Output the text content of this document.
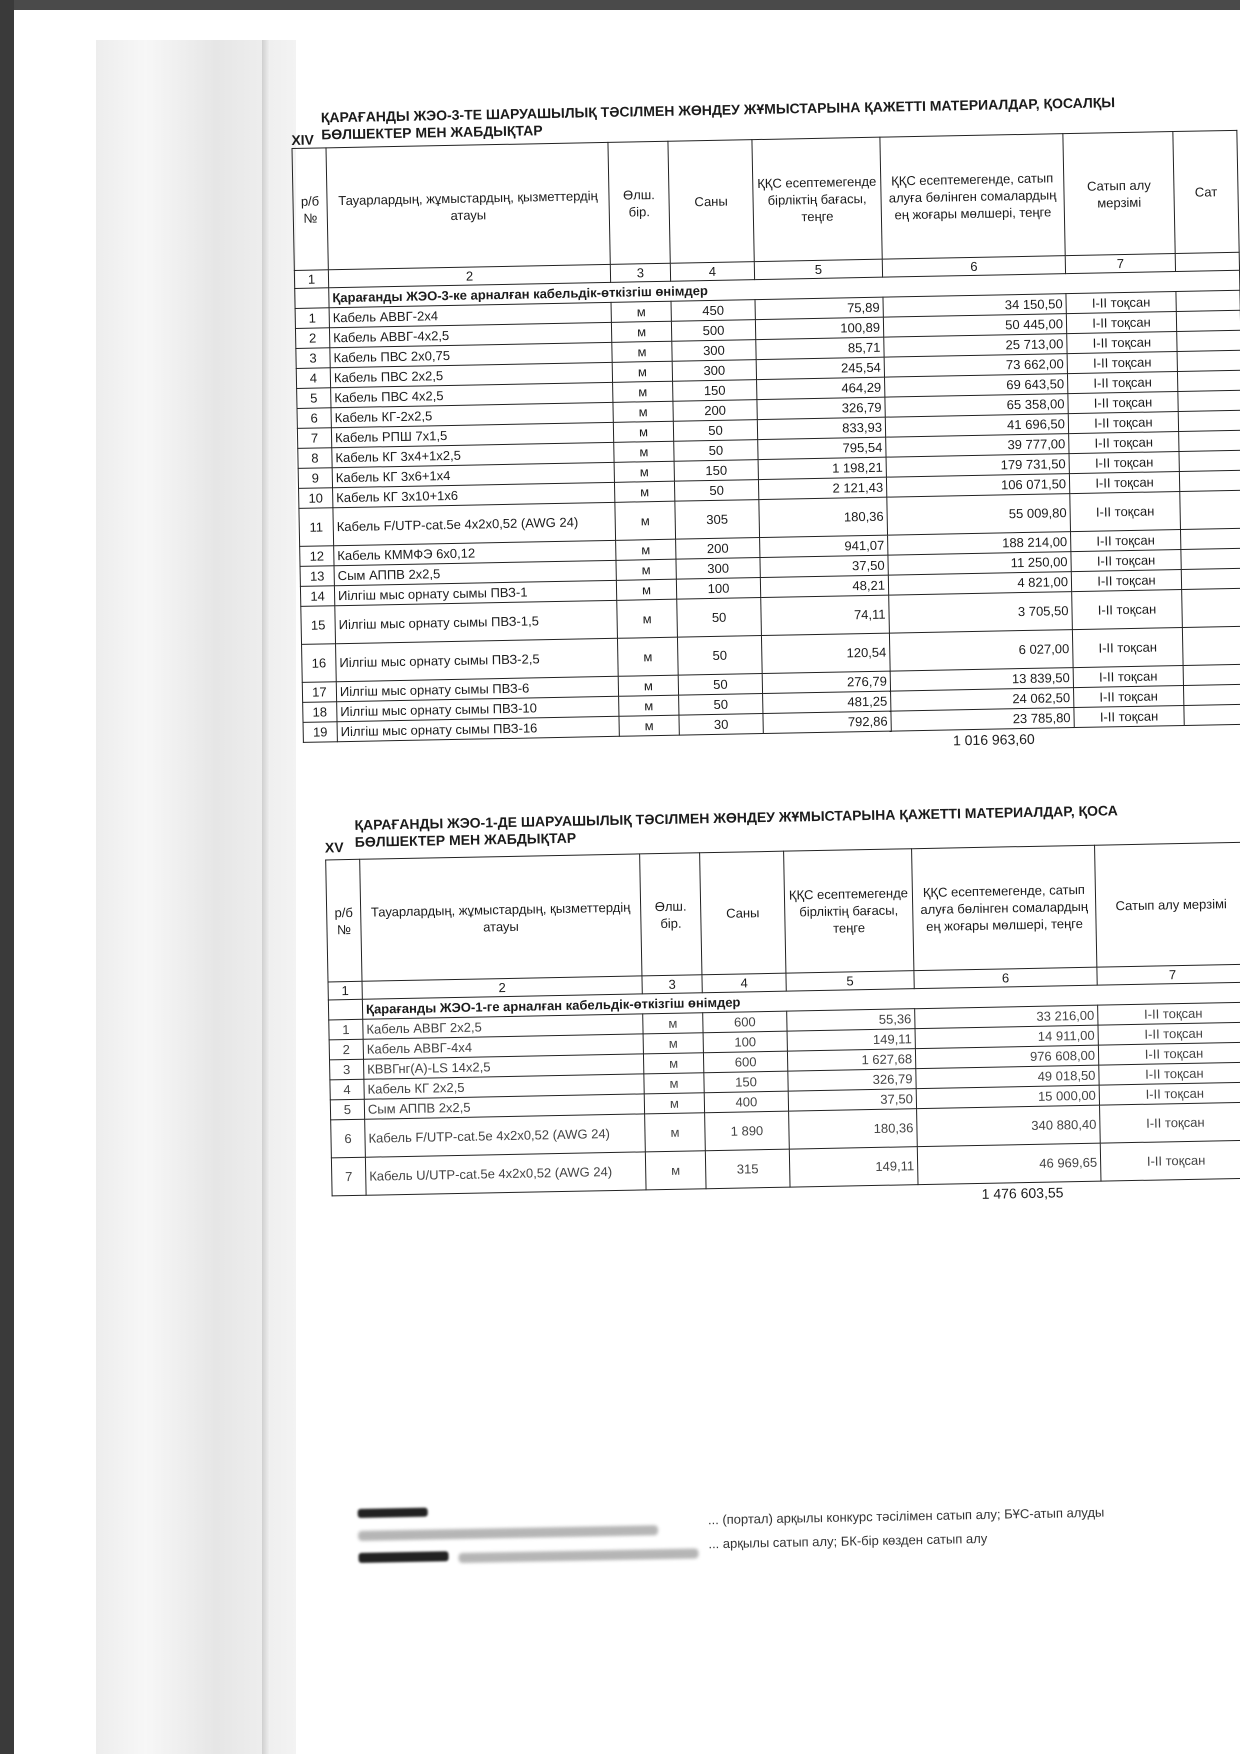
XIV
ҚАРАҒАНДЫ ЖЭО-3-ТЕ ШАРУАШЫЛЫҚ ТӘСІЛМЕН ЖӨНДЕУ ЖҰМЫСТАРЫНА ҚАЖЕТТІ МАТЕРИАЛДАР, ҚОСАЛҚЫ
БӨЛШЕКТЕР МЕН ЖАБДЫҚТАР
р/б №	Тауарлардың, жұмыстардың, қызметтердің атауы	Өлш. бір.	Саны	ҚҚС есептемегенде бірліктің бағасы, теңге	ҚҚС есептемегенде, сатып алуға бөлінген сомалардың ең жоғары мөлшері, теңге	Сатып алу мерзімі	Сат
1	2	3	4	5	6	7	
	Қарағанды ЖЭО-3-ке арналған кабельдік-өткізгіш өнімдер						
1	Кабель АВВГ-2х4	м	450	75,89	34 150,50	I-II тоқсан	
2	Кабель АВВГ-4х2,5	м	500	100,89	50 445,00	I-II тоқсан	
3	Кабель ПВС 2х0,75	м	300	85,71	25 713,00	I-II тоқсан	
4	Кабель ПВС 2х2,5	м	300	245,54	73 662,00	I-II тоқсан	
5	Кабель ПВС 4х2,5	м	150	464,29	69 643,50	I-II тоқсан	
6	Кабель КГ-2х2,5	м	200	326,79	65 358,00	I-II тоқсан	
7	Кабель РПШ 7х1,5	м	50	833,93	41 696,50	I-II тоқсан	
8	Кабель КГ 3х4+1х2,5	м	50	795,54	39 777,00	I-II тоқсан	
9	Кабель КГ 3х6+1х4	м	150	1 198,21	179 731,50	I-II тоқсан	
10	Кабель КГ 3х10+1х6	м	50	2 121,43	106 071,50	I-II тоқсан	
11	Кабель F/UTP-cat.5e 4x2x0,52 (AWG 24)	м	305	180,36	55 009,80	I-II тоқсан	
12	Кабель КММФЭ 6х0,12	м	200	941,07	188 214,00	I-II тоқсан	
13	Сым АППВ 2х2,5	м	300	37,50	11 250,00	I-II тоқсан	
14	Иілгіш мыс орнату сымы ПВЗ-1	м	100	48,21	4 821,00	I-II тоқсан	
15	Иілгіш мыс орнату сымы ПВЗ-1,5	м	50	74,11	3 705,50	I-II тоқсан	
16	Иілгіш мыс орнату сымы ПВЗ-2,5	м	50	120,54	6 027,00	I-II тоқсан	
17	Иілгіш мыс орнату сымы ПВЗ-6	м	50	276,79	13 839,50	I-II тоқсан	
18	Иілгіш мыс орнату сымы ПВЗ-10	м	50	481,25	24 062,50	I-II тоқсан	
19	Иілгіш мыс орнату сымы ПВЗ-16	м	30	792,86	23 785,80	I-II тоқсан	
1 016 963,60
XV
ҚАРАҒАНДЫ ЖЭО-1-ДЕ ШАРУАШЫЛЫҚ ТӘСІЛМЕН ЖӨНДЕУ ЖҰМЫСТАРЫНА ҚАЖЕТТІ МАТЕРИАЛДАР, ҚОСА
БӨЛШЕКТЕР МЕН ЖАБДЫҚТАР
р/б №	Тауарлардың, жұмыстардың, қызметтердің атауы	Өлш. бір.	Саны	ҚҚС есептемегенде бірліктің бағасы, теңге	ҚҚС есептемегенде, сатып алуға бөлінген сомалардың ең жоғары мөлшері, теңге	Сатып алу мерзімі
1	2	3	4	5	6	7
	Қарағанды ЖЭО-1-ге арналған кабельдік-өткізгіш өнімдер					
1	Кабель АВВГ 2х2,5	м	600	55,36	33 216,00	I-II тоқсан
2	Кабель АВВГ-4х4	м	100	149,11	14 911,00	I-II тоқсан
3	КВВГнг(А)-LS 14х2,5	м	600	1 627,68	976 608,00	I-II тоқсан
4	Кабель КГ 2х2,5	м	150	326,79	49 018,50	I-II тоқсан
5	Сым АППВ 2х2,5	м	400	37,50	15 000,00	I-II тоқсан
6	Кабель F/UTP-cat.5e 4x2x0,52 (AWG 24)	м	1 890	180,36	340 880,40	I-II тоқсан
7	Кабель U/UTP-cat.5e 4x2x0,52 (AWG 24)	м	315	149,11	46 969,65	I-II тоқсан
1 476 603,55
... (портал) арқылы конкурс тәсілімен сатып алу; БҰС-атып алуды
... арқылы сатып алу; БК-бір көзден сатып алу
